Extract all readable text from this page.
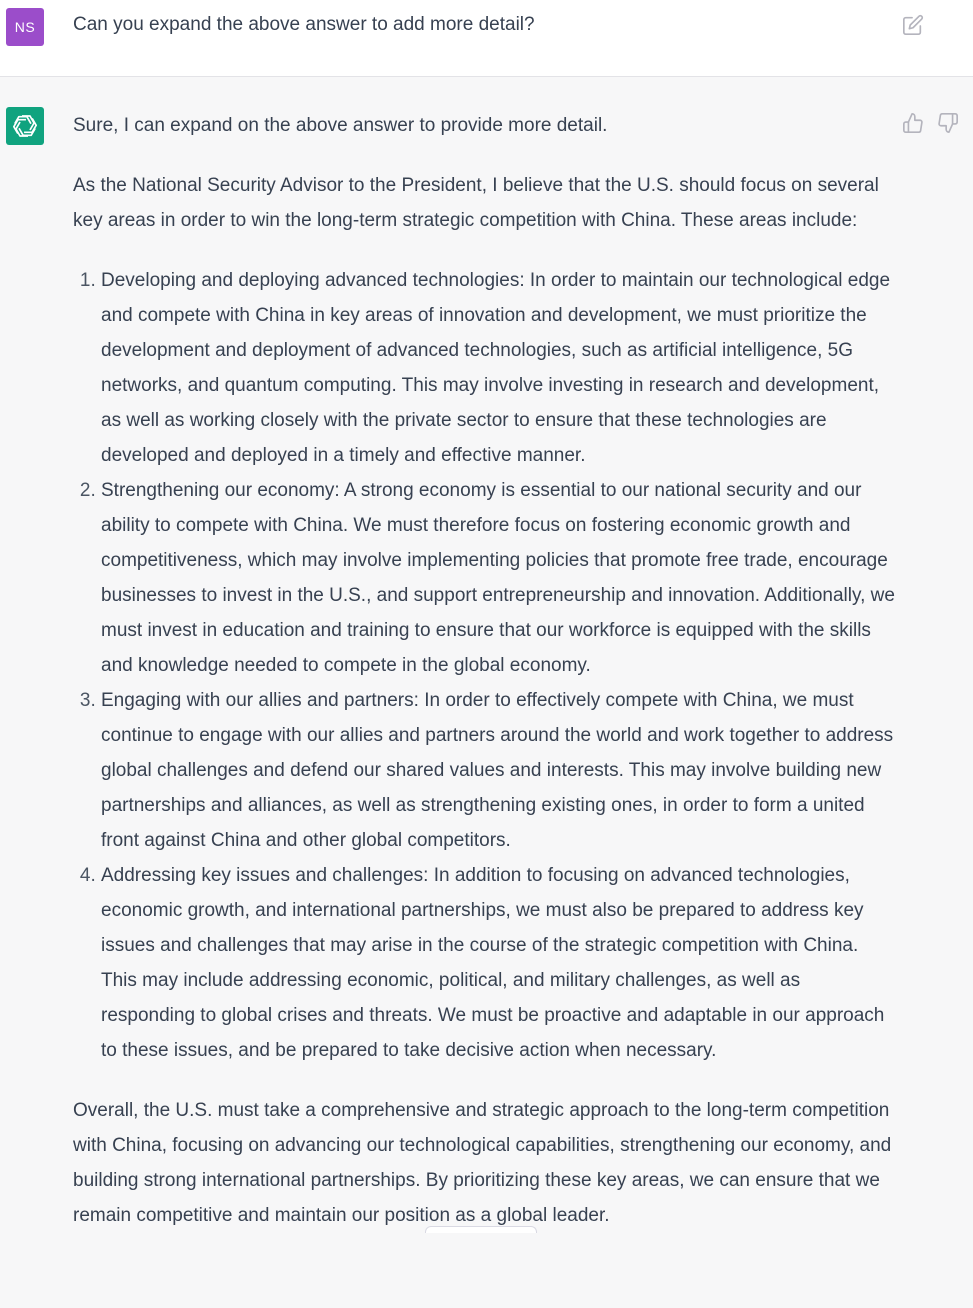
NS	Can you expand the above answer to add more detail?

Sure, I can expand on the above answer to provide more detail.

As the National Security Advisor to the President, I believe that the U.S. should focus on several key areas in order to win the long-term strategic competition with China. These areas include:

1. Developing and deploying advanced technologies: In order to maintain our technological edge and compete with China in key areas of innovation and development, we must prioritize the development and deployment of advanced technologies, such as artificial intelligence, 5G networks, and quantum computing. This may involve investing in research and development, as well as working closely with the private sector to ensure that these technologies are developed and deployed in a timely and effective manner.
2. Strengthening our economy: A strong economy is essential to our national security and our ability to compete with China. We must therefore focus on fostering economic growth and competitiveness, which may involve implementing policies that promote free trade, encourage businesses to invest in the U.S., and support entrepreneurship and innovation. Additionally, we must invest in education and training to ensure that our workforce is equipped with the skills and knowledge needed to compete in the global economy.
3. Engaging with our allies and partners: In order to effectively compete with China, we must continue to engage with our allies and partners around the world and work together to address global challenges and defend our shared values and interests. This may involve building new partnerships and alliances, as well as strengthening existing ones, in order to form a united front against China and other global competitors.
4. Addressing key issues and challenges: In addition to focusing on advanced technologies, economic growth, and international partnerships, we must also be prepared to address key issues and challenges that may arise in the course of the strategic competition with China. This may include addressing economic, political, and military challenges, as well as responding to global crises and threats. We must be proactive and adaptable in our approach to these issues, and be prepared to take decisive action when necessary.

Overall, the U.S. must take a comprehensive and strategic approach to the long-term competition with China, focusing on advancing our technological capabilities, strengthening our economy, and building strong international partnerships. By prioritizing these key areas, we can ensure that we remain competitive and maintain our position as a global leader.
